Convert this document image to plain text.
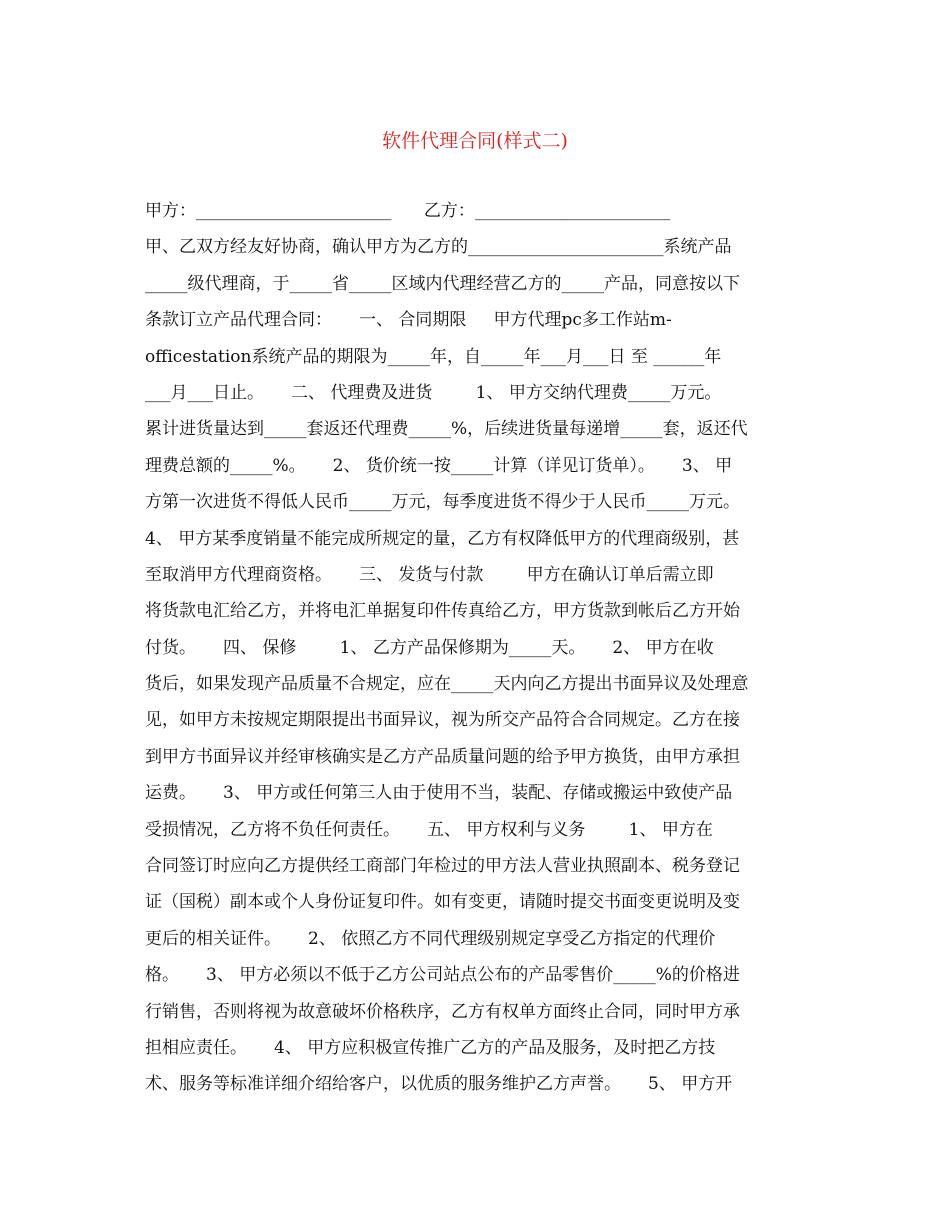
软件代理合同(样式二)
甲方：_______________________      乙方：_______________________
甲、乙双方经友好协商，确认甲方为乙方的_______________________系统产品
_____级代理商，于_____省_____区域内代理经营乙方的_____产品，同意按以下
条款订立产品代理合同：     一、 合同期限     甲方代理pc多工作站m-
officestation系统产品的期限为_____年，自_____年___月___日 至 ______年
___月___日止。     二、 代理费及进货        1、 甲方交纳代理费_____万元。
累计进货量达到_____套返还代理费_____%，后续进货量每递增_____套，返还代
理费总额的_____%。     2、 货价统一按_____计算（详见订货单）。     3、 甲
方第一次进货不得低人民币_____万元，每季度进货不得少于人民币_____万元。
4、 甲方某季度销量不能完成所规定的量，乙方有权降低甲方的代理商级别，甚
至取消甲方代理商资格。     三、 发货与付款        甲方在确认订单后需立即
将货款电汇给乙方，并将电汇单据复印件传真给乙方，甲方货款到帐后乙方开始
付货。     四、 保修        1、 乙方产品保修期为_____天。     2、 甲方在收
货后，如果发现产品质量不合规定，应在_____天内向乙方提出书面异议及处理意
见，如甲方未按规定期限提出书面异议，视为所交产品符合合同规定。乙方在接
到甲方书面异议并经审核确实是乙方产品质量问题的给予甲方换货，由甲方承担
运费。     3、 甲方或任何第三人由于使用不当，装配、存储或搬运中致使产品
受损情况，乙方将不负任何责任。     五、 甲方权利与义务        1、 甲方在
合同签订时应向乙方提供经工商部门年检过的甲方法人营业执照副本、税务登记
证（国税）副本或个人身份证复印件。如有变更，请随时提交书面变更说明及变
更后的相关证件。     2、 依照乙方不同代理级别规定享受乙方指定的代理价
格。     3、 甲方必须以不低于乙方公司站点公布的产品零售价_____%的价格进
行销售，否则将视为故意破坏价格秩序，乙方有权单方面终止合同，同时甲方承
担相应责任。     4、 甲方应积极宣传推广乙方的产品及服务，及时把乙方技
术、服务等标准详细介绍给客户，以优质的服务维护乙方声誉。     5、 甲方开
